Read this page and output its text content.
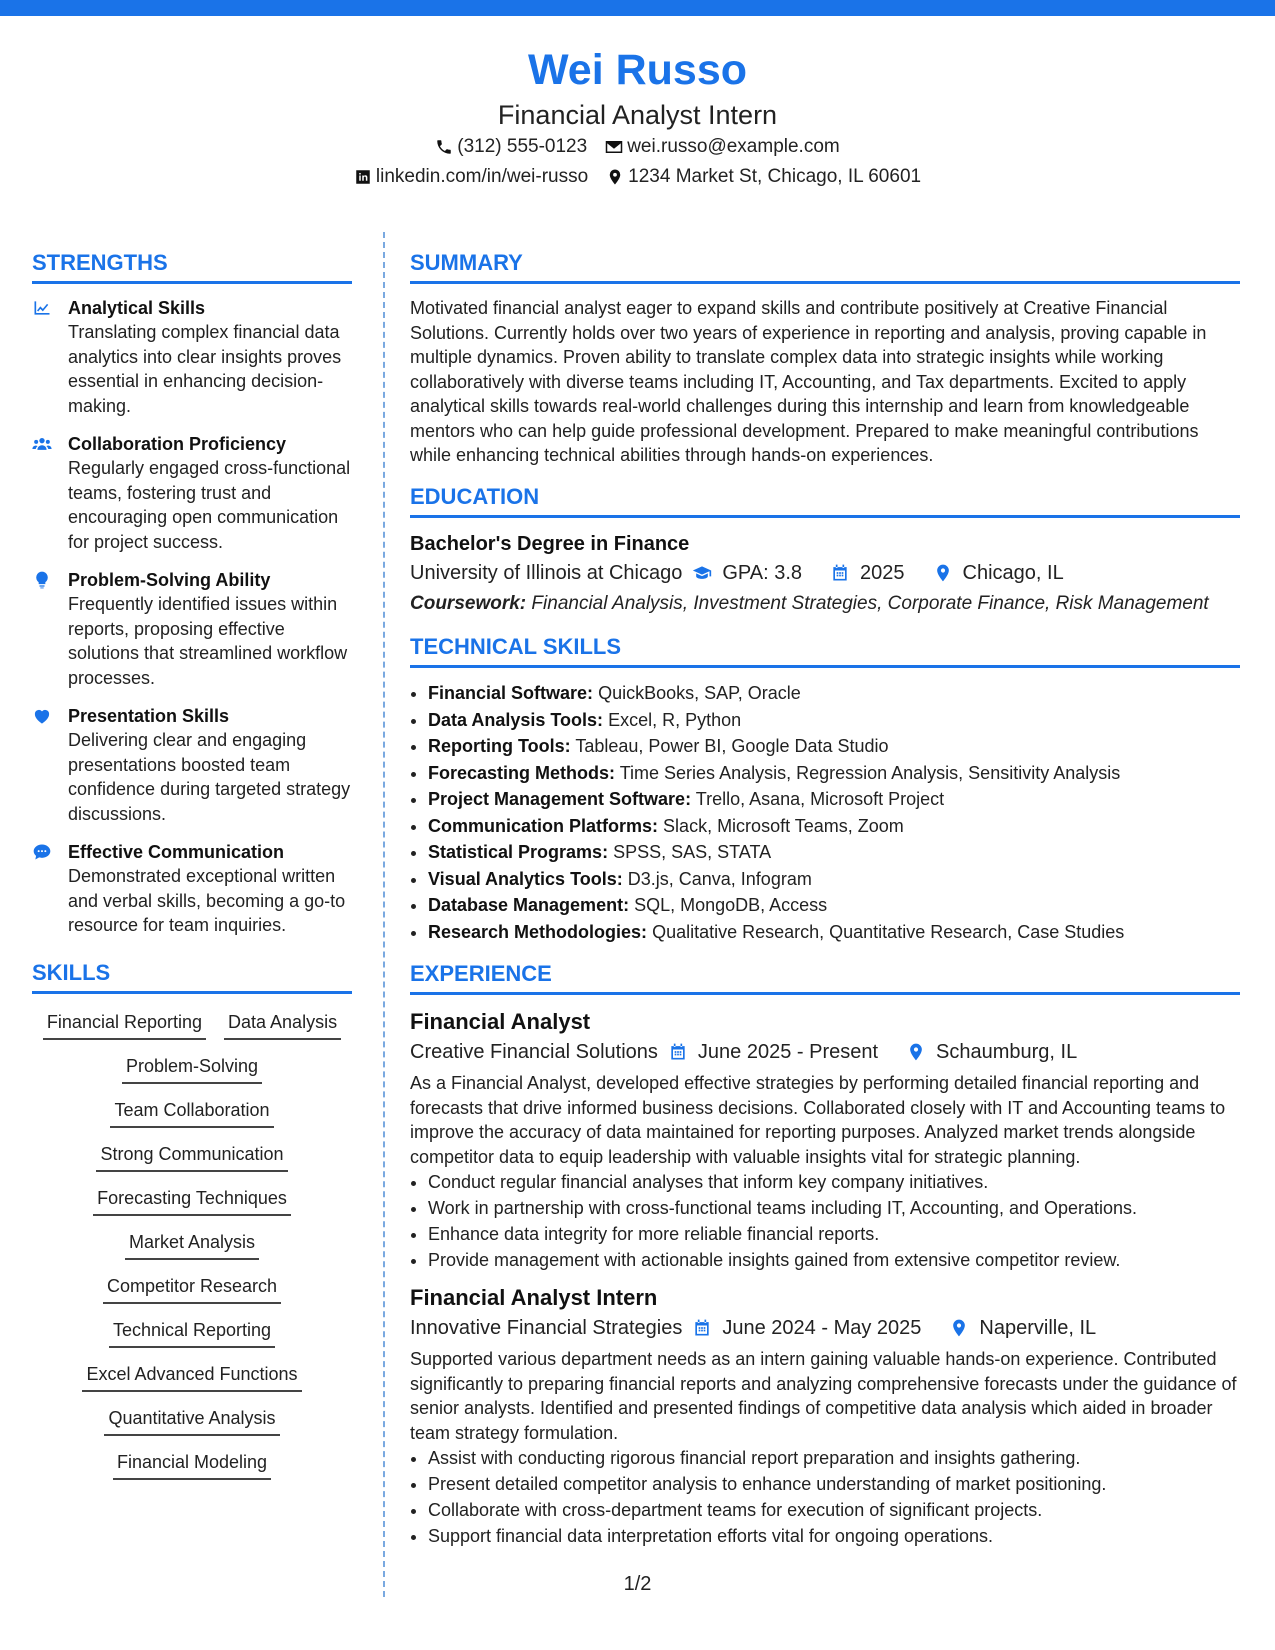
Wei Russo
Financial Analyst Intern
(312) 555-0123 wei.russo@example.com
linkedin.com/in/wei-russo 1234 Market St, Chicago, IL 60601
STRENGTHS
Analytical Skills
Translating complex financial data analytics into clear insights proves essential in enhancing decision-making.
Collaboration Proficiency
Regularly engaged cross-functional teams, fostering trust and encouraging open communication for project success.
Problem-Solving Ability
Frequently identified issues within reports, proposing effective solutions that streamlined workflow processes.
Presentation Skills
Delivering clear and engaging presentations boosted team confidence during targeted strategy discussions.
Effective Communication
Demonstrated exceptional written and verbal skills, becoming a go-to resource for team inquiries.
SKILLS
Financial Reporting Data Analysis
Problem-Solving
Team Collaboration
Strong Communication
Forecasting Techniques
Market Analysis
Competitor Research
Technical Reporting
Excel Advanced Functions
Quantitative Analysis
Financial Modeling
SUMMARY

Motivated financial analyst eager to expand skills and contribute positively at Creative Financial Solutions. Currently holds over two years of experience in reporting and analysis, proving capable in multiple dynamics. Proven ability to translate complex data into strategic insights while working collaboratively with diverse teams including IT, Accounting, and Tax departments. Excited to apply analytical skills towards real-world challenges during this internship and learn from knowledgeable mentors who can help guide professional development. Prepared to make meaningful contributions while enhancing technical abilities through hands-on experiences.

EDUCATION
Bachelor's Degree in Finance
University of Illinois at Chicago GPA: 3.8	2025	Chicago, IL
Coursework: Financial Analysis, Investment Strategies, Corporate Finance, Risk Management
TECHNICAL SKILLS
• Financial Software: QuickBooks, SAP, Oracle
• Data Analysis Tools: Excel, R, Python
• Reporting Tools: Tableau, Power BI, Google Data Studio
• Forecasting Methods: Time Series Analysis, Regression Analysis, Sensitivity Analysis
• Project Management Software: Trello, Asana, Microsoft Project
• Communication Platforms: Slack, Microsoft Teams, Zoom
• Statistical Programs: SPSS, SAS, STATA
• Visual Analytics Tools: D3.js, Canva, Infogram
• Database Management: SQL, MongoDB, Access
• Research Methodologies: Qualitative Research, Quantitative Research, Case Studies
EXPERIENCE
Financial Analyst
Creative Financial Solutions June 2025 - Present	Schaumburg, IL

As a Financial Analyst, developed effective strategies by performing detailed financial reporting and forecasts that drive informed business decisions. Collaborated closely with IT and Accounting teams to improve the accuracy of data maintained for reporting purposes. Analyzed market trends alongside competitor data to equip leadership with valuable insights vital for strategic planning.

• Conduct regular financial analyses that inform key company initiatives.
• Work in partnership with cross-functional teams including IT, Accounting, and Operations.
• Enhance data integrity for more reliable financial reports.
• Provide management with actionable insights gained from extensive competitor review.
Financial Analyst Intern
Innovative Financial Strategies June 2024 - May 2025	Naperville, IL

Supported various department needs as an intern gaining valuable hands-on experience. Contributed significantly to preparing financial reports and analyzing comprehensive forecasts under the guidance of senior analysts. Identified and presented findings of competitive data analysis which aided in broader team strategy formulation.

• Assist with conducting rigorous financial report preparation and insights gathering.
• Present detailed competitor analysis to enhance understanding of market positioning.
• Collaborate with cross-department teams for execution of significant projects.
• Support financial data interpretation efforts vital for ongoing operations.
1/2
